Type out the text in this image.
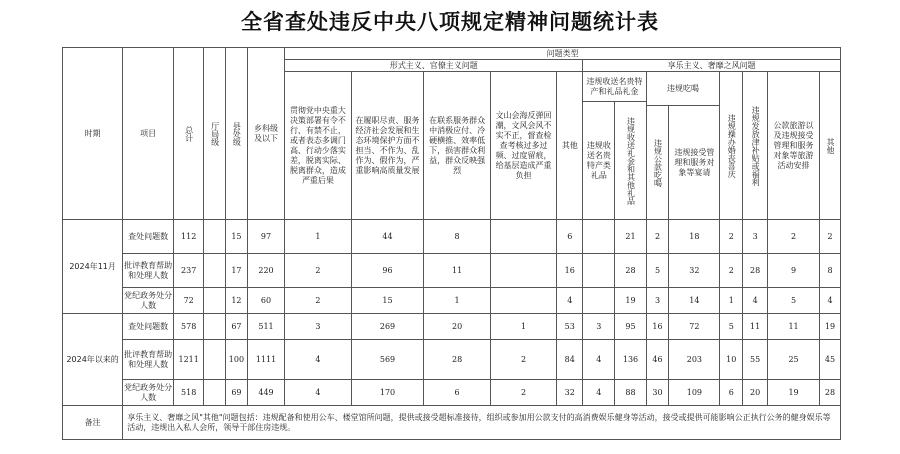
全省查处违反中央八项规定精神问题统计表
时期	项目	总计	厅局级	县处级	乡科级及以下	问题类型												
						形式主义、官僚主义问题					享乐主义、奢靡之风问题							
						贯彻党中央重大决策部署有令不行、有禁不止，或者表态多调门高、行动少落实差，脱离实际、脱离群众，造成严重后果	在履职尽责、服务经济社会发展和生态环境保护方面不担当、不作为、乱作为、假作为，严重影响高质量发展	在联系服务群众中消极应付、冷硬横推、效率低下，损害群众利益，群众反映强烈	文山会海反弹回潮，文风会风不实不正，督查检查考核过多过频、过度留痕，给基层造成严重负担	其他	违规收送名贵特产和礼品礼金		违规吃喝		违规操办婚丧喜庆	违规发放津补贴或福利	公款旅游以及违规接受管理和服务对象等旅游活动安排	其他

											违规收送名贵特产类礼品	违规收送礼金和其他礼品						

													违规公款吃喝	违规接受管理和服务对象等宴请				
2024年11月	查处问题数	112		15	97	1	44	8		6		21	2	18	2	3	2	2
	批评教育帮助和处理人数	237		17	220	2	96	11		16		28	5	32	2	28	9	8
	党纪政务处分人数	72		12	60	2	15	1		4		19	3	14	1	4	5	4
2024年以来的	查处问题数	578		67	511	3	269	20	1	53	3	95	16	72	5	11	11	19
	批评教育帮助和处理人数	1211		100	1111	4	569	28	2	84	4	136	46	203	10	55	25	45
	党纪政务处分人数	518		69	449	4	170	6	2	32	4	88	30	109	6	20	19	28
备注	享乐主义、奢靡之风"其他"问题包括：违规配备和使用公车、楼堂馆所问题，提供或接受超标准接待，组织或参加用公款支付的高消费娱乐健身等活动，接受或提供可能影响公正执行公务的健身娱乐等活动，违规出入私人会所，领导干部住房违规。																	
